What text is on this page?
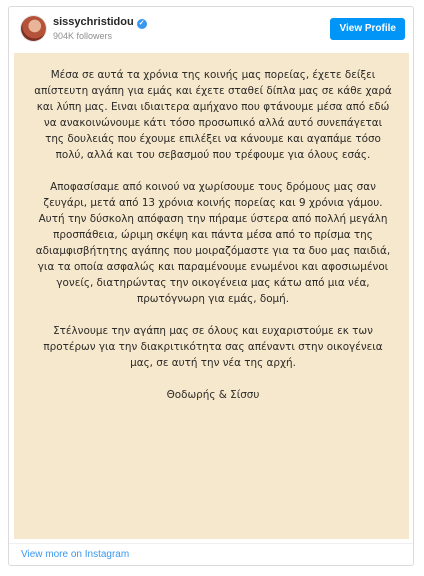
sissychristidou ✓
904K followers
View Profile

Μέσα σε αυτά τα χρόνια της κοινής μας πορείας, έχετε δείξει απίστευτη αγάπη για εμάς και έχετε σταθεί δίπλα μας σε κάθε χαρά και λύπη μας. Ειναι ιδιαιτερα αμήχανο που φτάνουμε μέσα από εδώ να ανακοινώνουμε κάτι τόσο προσωπικό αλλά αυτό συνεπάγεται της δουλειάς που έχουμε επιλέξει να κάνουμε και αγαπάμε τόσο πολύ, αλλά και του σεβασμού που τρέφουμε για όλους εσάς.

Αποφασίσαμε από κοινού να χωρίσουμε τους δρόμους μας σαν ζευγάρι, μετά από 13 χρόνια κοινής πορείας και 9 χρόνια γάμου. Αυτή την δύσκολη απόφαση την πήραμε ύστερα από πολλή μεγάλη προσπάθεια, ώριμη σκέψη και πάντα μέσα από το πρίσμα της αδιαμφισβήτητης αγάπης που μοιραζόμαστε για τα δυο μας παιδιά, για τα οποία ασφαλώς και παραμένουμε ενωμένοι και αφοσιωμένοι γονείς, διατηρώντας την οικογένεια μας κάτω από μια νέα, πρωτόγνωρη για εμάς, δομή.

Στέλνουμε την αγάπη μας σε όλους και ευχαριστούμε εκ των προτέρων για την διακριτικότητα σας απέναντι στην οικογένεια μας, σε αυτή την νέα της αρχή.

Θοδωρής & Σίσσυ

View more on Instagram
